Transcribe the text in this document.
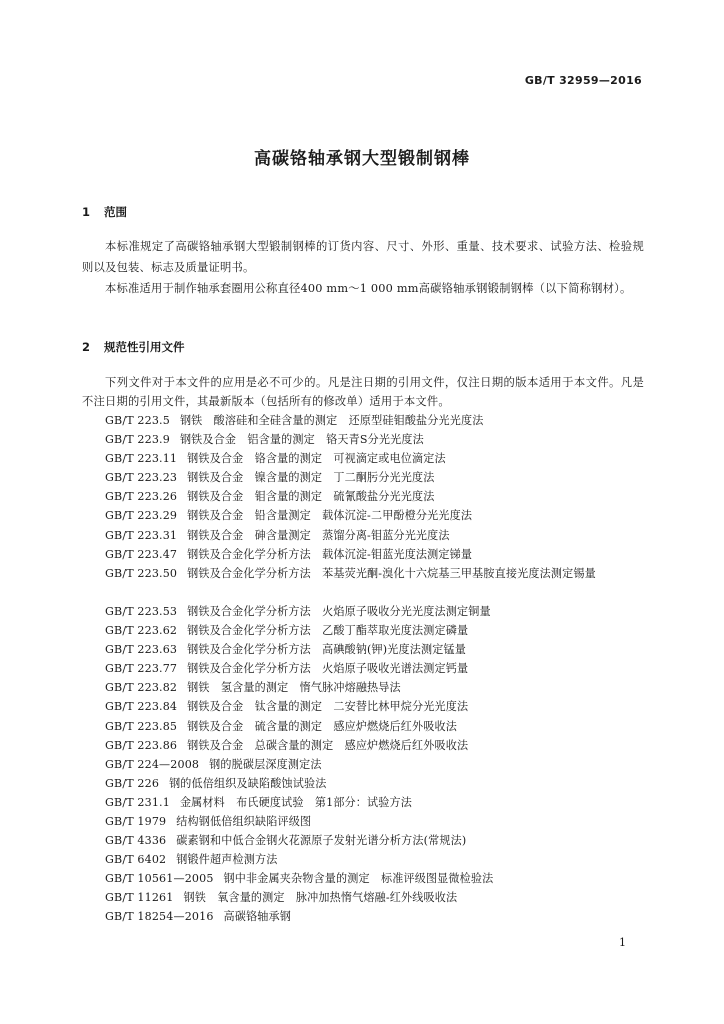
GB/T 32959—2016
高碳铬轴承钢大型锻制钢棒
1 范围
本标准规定了高碳铬轴承钢大型锻制钢棒的订货内容、尺寸、外形、重量、技术要求、试验方法、检验规则以及包装、标志及质量证明书。
本标准适用于制作轴承套圈用公称直径400 mm～1 000 mm高碳铬轴承钢锻制钢棒（以下简称钢材）。
2 规范性引用文件
下列文件对于本文件的应用是必不可少的。凡是注日期的引用文件，仅注日期的版本适用于本文件。凡是不注日期的引用文件，其最新版本（包括所有的修改单）适用于本文件。
GB/T 223.5 钢铁　酸溶硅和全硅含量的测定　还原型硅钼酸盐分光光度法
GB/T 223.9 钢铁及合金　铝含量的测定　铬天青S分光光度法
GB/T 223.11 钢铁及合金　铬含量的测定　可视滴定或电位滴定法
GB/T 223.23 钢铁及合金　镍含量的测定　丁二酮肟分光光度法
GB/T 223.26 钢铁及合金　钼含量的测定　硫氰酸盐分光光度法
GB/T 223.29 钢铁及合金　铅含量测定　载体沉淀-二甲酚橙分光光度法
GB/T 223.31 钢铁及合金　砷含量测定　蒸馏分离-钼蓝分光光度法
GB/T 223.47 钢铁及合金化学分析方法　载体沉淀-钼蓝光度法测定锑量
GB/T 223.50 钢铁及合金化学分析方法　苯基荧光酮-溴化十六烷基三甲基胺直接光度法测定锡量
GB/T 223.53 钢铁及合金化学分析方法　火焰原子吸收分光光度法测定铜量
GB/T 223.62 钢铁及合金化学分析方法　乙酸丁酯萃取光度法测定磷量
GB/T 223.63 钢铁及合金化学分析方法　高碘酸钠(钾)光度法测定锰量
GB/T 223.77 钢铁及合金化学分析方法　火焰原子吸收光谱法测定钙量
GB/T 223.82 钢铁　氢含量的测定　惰气脉冲熔融热导法
GB/T 223.84 钢铁及合金　钛含量的测定　二安替比林甲烷分光光度法
GB/T 223.85 钢铁及合金　硫含量的测定　感应炉燃烧后红外吸收法
GB/T 223.86 钢铁及合金　总碳含量的测定　感应炉燃烧后红外吸收法
GB/T 224—2008 钢的脱碳层深度测定法
GB/T 226 钢的低倍组织及缺陷酸蚀试验法
GB/T 231.1 金属材料　布氏硬度试验　第1部分：试验方法
GB/T 1979 结构钢低倍组织缺陷评级图
GB/T 4336 碳素钢和中低合金钢火花源原子发射光谱分析方法(常规法)
GB/T 6402 钢锻件超声检测方法
GB/T 10561—2005 钢中非金属夹杂物含量的测定　标准评级图显微检验法
GB/T 11261 钢铁　氧含量的测定　脉冲加热惰气熔融-红外线吸收法
GB/T 18254—2016 高碳铬轴承钢
1
